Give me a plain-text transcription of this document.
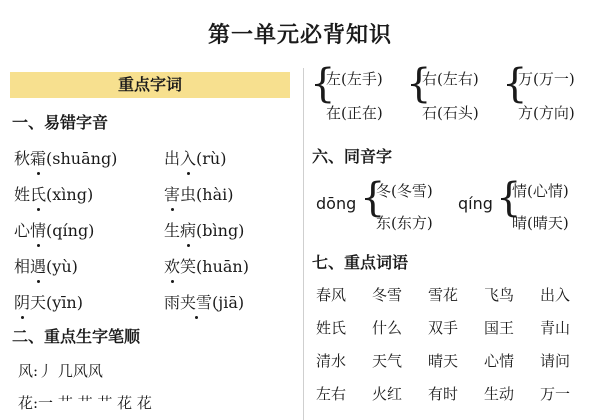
第一单元必背知识
重点字词
一、易错字音
秋霜(shuāng)	出入(rù)
姓氏(xìng)	害虫(hài)
心情(qíng)	生病(bìng)
相遇(yù)	欢笑(huān)
阴天(yīn)	雨夹雪(jiā)
二、重点生字笔顺
风:丿 几风风
花:一 艹 艹 艹 花 花
{
左(左手)
在(正在)
{
右(左右)
石(石头)
{
万(万一)
方(方向)
六、同音字
dōng {
冬(冬雪)
东(东方)
qíng {
情(心情)
晴(晴天)
七、重点词语
春风	冬雪	雪花	飞鸟	出入
姓氏	什么	双手	国王	青山
清水	天气	晴天	心情	请问
左右	火红	有时	生动	万一
